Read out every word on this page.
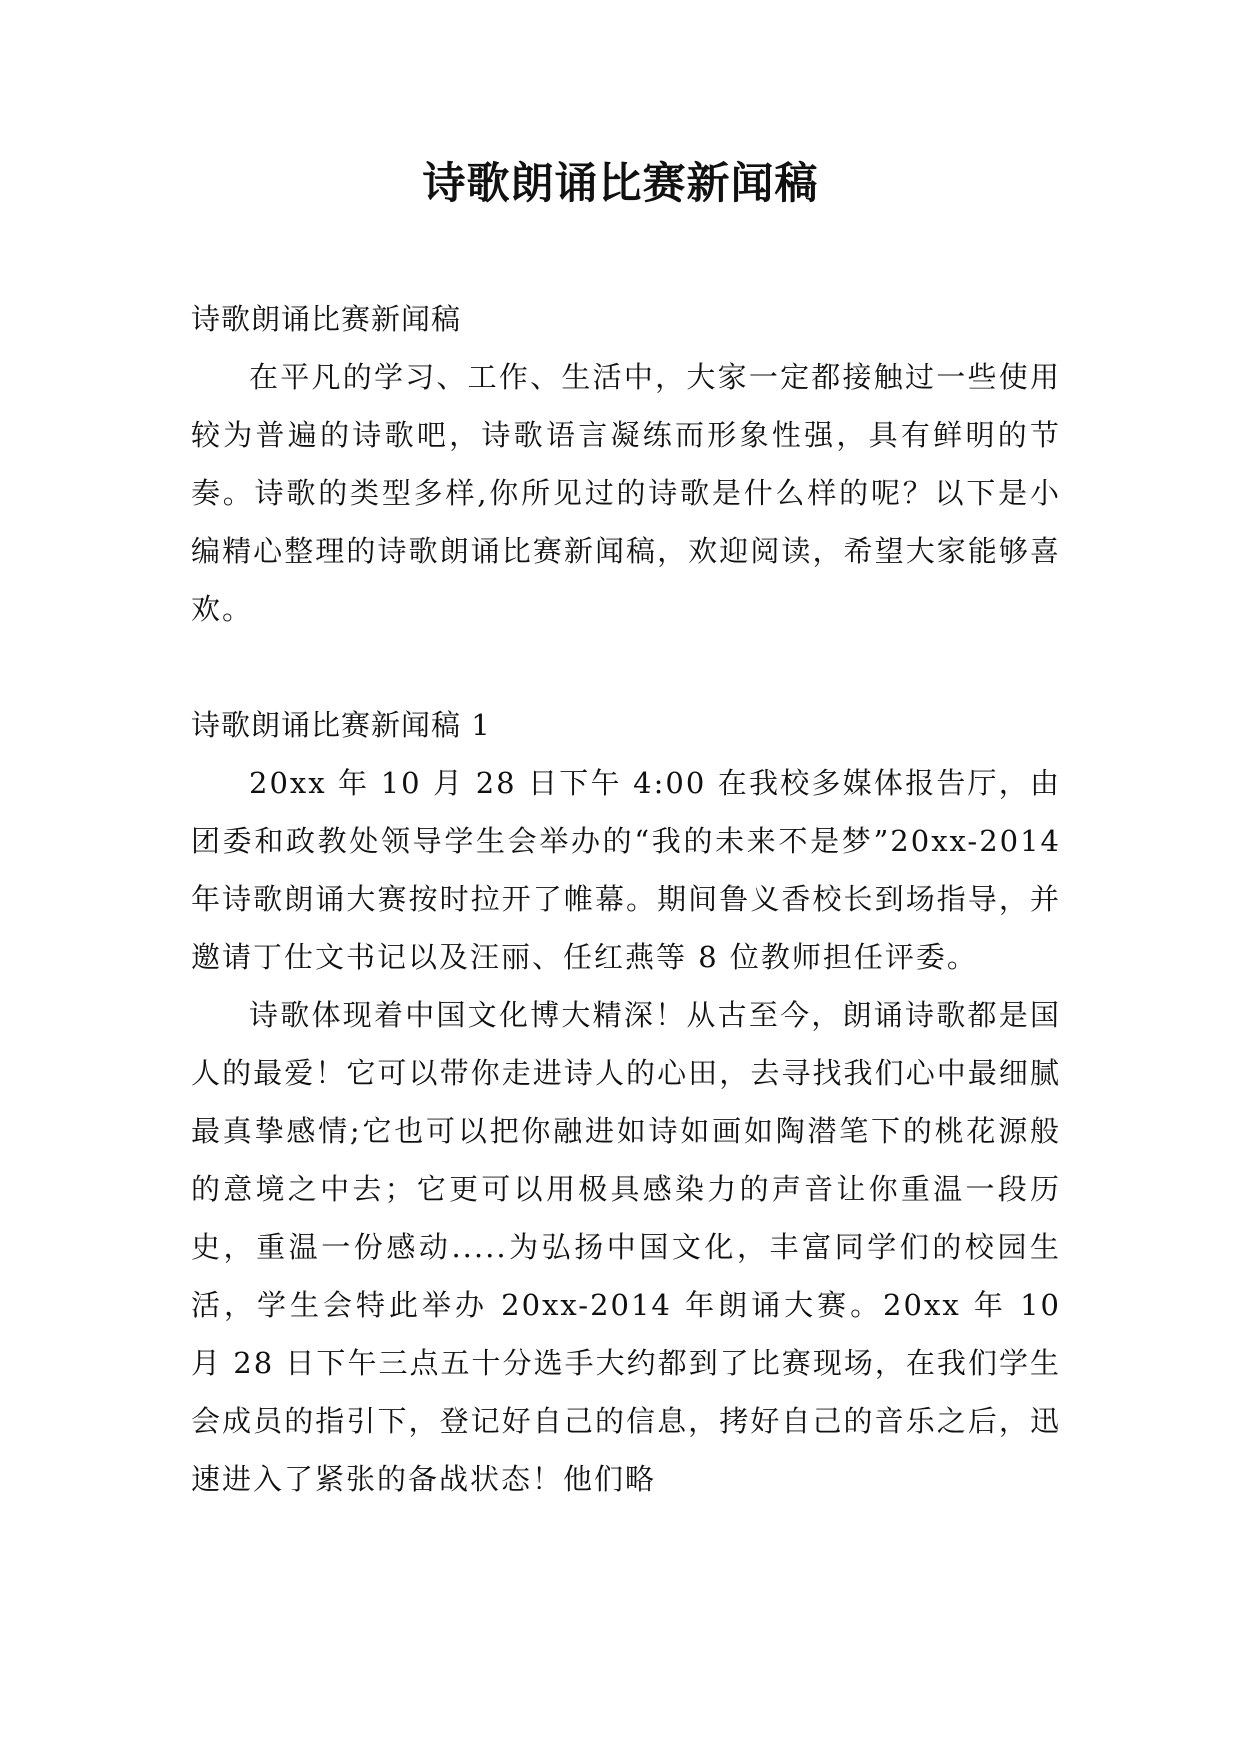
诗歌朗诵比赛新闻稿

诗歌朗诵比赛新闻稿

在平凡的学习、工作、生活中，大家一定都接触过一些使用较为普遍的诗歌吧，诗歌语言凝练而形象性强，具有鲜明的节奏。诗歌的类型多样,你所见过的诗歌是什么样的呢？以下是小编精心整理的诗歌朗诵比赛新闻稿，欢迎阅读，希望大家能够喜欢。

诗歌朗诵比赛新闻稿 1

20xx 年 10 月 28 日下午 4:00 在我校多媒体报告厅，由团委和政教处领导学生会举办的“我的未来不是梦”20xx-2014 年诗歌朗诵大赛按时拉开了帷幕。期间鲁义香校长到场指导，并邀请丁仕文书记以及汪丽、任红燕等 8 位教师担任评委。

诗歌体现着中国文化博大精深！从古至今，朗诵诗歌都是国人的最爱！它可以带你走进诗人的心田，去寻找我们心中最细腻最真挚感情;它也可以把你融进如诗如画如陶潜笔下的桃花源般的意境之中去；它更可以用极具感染力的声音让你重温一段历史，重温一份感动.....为弘扬中国文化，丰富同学们的校园生活，学生会特此举办 20xx-2014 年朗诵大赛。20xx 年 10 月 28 日下午三点五十分选手大约都到了比赛现场，在我们学生会成员的指引下，登记好自己的信息，拷好自己的音乐之后，迅速进入了紧张的备战状态！他们略
